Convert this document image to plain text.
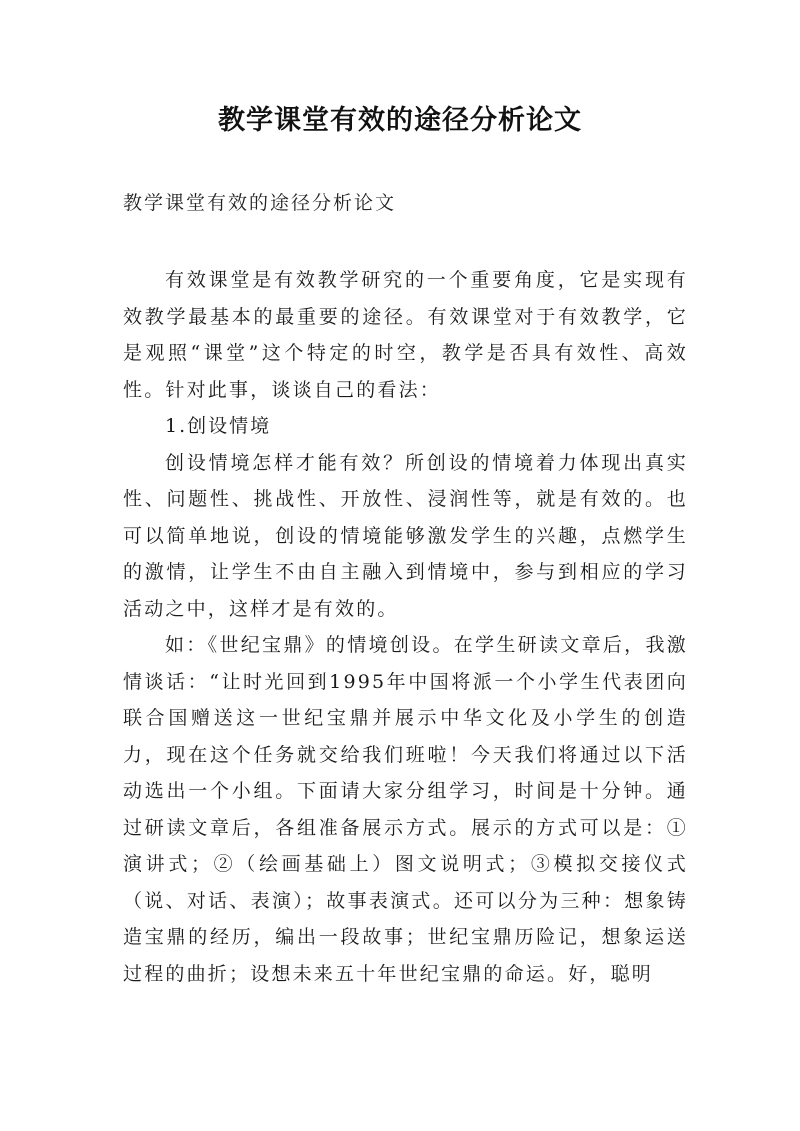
教学课堂有效的途径分析论文

教学课堂有效的途径分析论文

有效课堂是有效教学研究的一个重要角度，它是实现有效教学最基本的最重要的途径。有效课堂对于有效教学，它是观照“课堂”这个特定的时空，教学是否具有效性、高效性。针对此事，谈谈自己的看法：

1.创设情境

创设情境怎样才能有效？所创设的情境着力体现出真实性、问题性、挑战性、开放性、浸润性等，就是有效的。也可以简单地说，创设的情境能够激发学生的兴趣，点燃学生的激情，让学生不由自主融入到情境中，参与到相应的学习活动之中，这样才是有效的。

如：《世纪宝鼎》的情境创设。在学生研读文章后，我激情谈话：“让时光回到1995年中国将派一个小学生代表团向联合国赠送这一世纪宝鼎并展示中华文化及小学生的创造力，现在这个任务就交给我们班啦！今天我们将通过以下活动选出一个小组。下面请大家分组学习，时间是十分钟。通过研读文章后，各组准备展示方式。展示的方式可以是：①演讲式；②（绘画基础上）图文说明式；③模拟交接仪式（说、对话、表演）；故事表演式。还可以分为三种：想象铸造宝鼎的经历，编出一段故事；世纪宝鼎历险记，想象运送过程的曲折；设想未来五十年世纪宝鼎的命运。好，聪明
